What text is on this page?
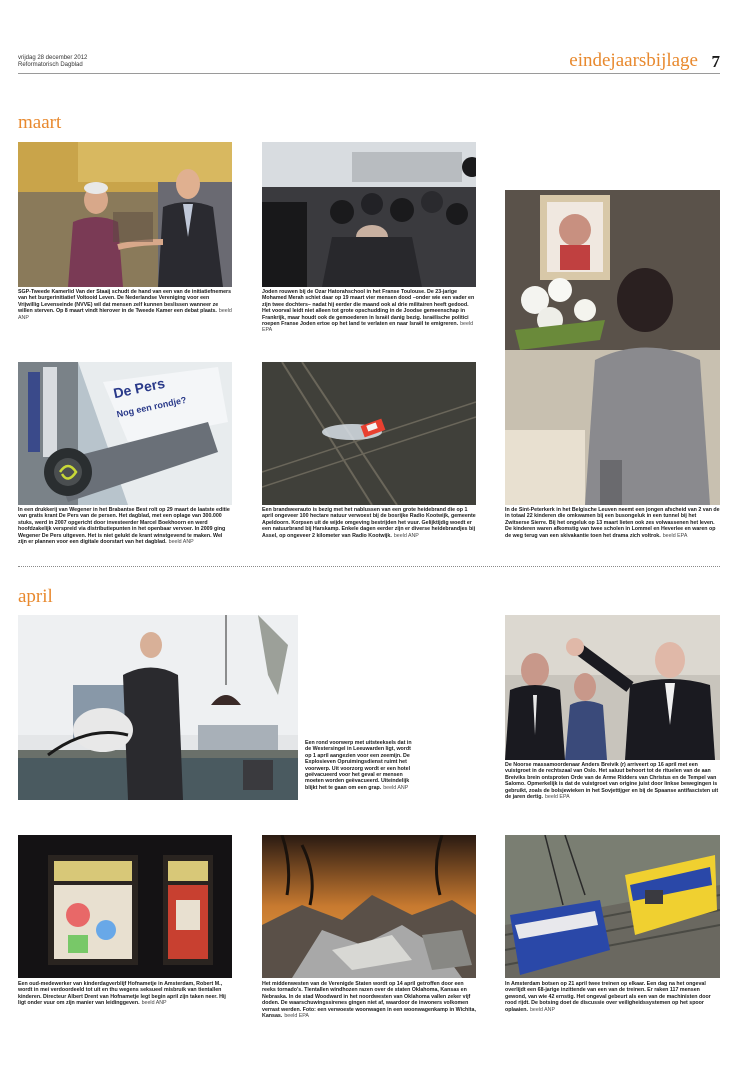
vrijdag 28 december 2012
Reformatorisch Dagblad	eindejaarsbijlage 7
maart
SGP-Tweede Kamerlid Van der Staaij schudt de hand van een van de initiatiefnemers van het burgerinitiatief Voltooid Leven. De Nederlandse Vereniging voor een Vrijwillig Levenseinde (NVVE) wil dat mensen zelf kunnen beslissen wanneer ze willen sterven. Op 8 maart vindt hierover in de Tweede Kamer een debat plaats. beeld ANP
Joden rouwen bij de Ozar Hatorahschool in het Franse Toulouse. De 23-jarige Mohamed Merah schiet daar op 19 maart vier mensen dood –onder wie een vader en zijn twee dochters– nadat hij eerder die maand ook al drie militairen heeft gedood. Het voorval leidt niet alleen tot grote opschudding in de Joodse gemeenschap in Frankrijk, maar houdt ook de gemoederen in Israël danig bezig. Israëlische politici roepen Franse Joden ertoe op het land te verlaten en naar Israël te emigreren. beeld EPA
In de Sint-Peterkerk in het Belgische Leuven neemt een jongen afscheid van 2 van de in totaal 22 kinderen die omkwamen bij een busongeluk in een tunnel bij het Zwitserse Sierre. Bij het ongeluk op 13 maart lieten ook zes volwassenen het leven. De kinderen waren afkomstig van twee scholen in Lommel en Heverlee en waren op de weg terug van een skivakantie toen het drama zich voltrok. beeld EPA
De Pers
Nog een rondje?
In een drukkerij van Wegener in het Brabantse Best rolt op 29 maart de laatste editie van gratis krant De Pers van de persen. Het dagblad, met een oplage van 300.000 stuks, werd in 2007 opgericht door investeerder Marcel Boekhoorn en werd hoofdzakelijk verspreid via distributiepunten in het openbaar vervoer. In 2009 ging Wegener De Pers uitgeven. Het is niet gelukt de krant winstgevend te maken. Wel zijn er plannen voor een digitale doorstart van het dagblad. beeld ANP
Een brandweerauto is bezig met het nablussen van een grote heidebrand die op 1 april ongeveer 100 hectare natuur verwoest bij de bosrijke Radio Kootwijk, gemeente Apeldoorn. Korpsen uit de wijde omgeving bestrijden het vuur. Gelijktijdig woedt er een natuurbrand bij Harskamp. Enkele dagen eerder zijn er diverse heidebrandjes bij Assel, op ongeveer 2 kilometer van Radio Kootwijk. beeld ANP
april
Een rond voorwerp met uitsteeksels dat in de Westersingel in Leeuwarden ligt, wordt op 1 april aangezien voor een zeemijn. De Explosieven Opruimingsdienst ruimt het voorwerp. Uit voorzorg wordt er een hotel geëvacueerd voor het geval er mensen moeten worden geëvacueerd. Uiteindelijk blijkt het te gaan om een grap. beeld ANP
De Noorse massamoordenaar Anders Breivik (r) arriveert op 16 april met een vuistgroet in de rechtszaal van Oslo. Het saluut behoort tot de rituelen van de aan Breiviks brein ontsproten Orde van de Arme Ridders van Christus en de Tempel van Salomo. Opmerkelijk is dat de vuistgroet van origine juist door linkse bewegingen is gebruikt, zoals de bolsjewieken in het Sovjettijger en bij de Spaanse antifascisten uit de jaren dertig. beeld EPA
Een oud-medewerker van kinderdagverblijf Hofnametje in Amsterdam, Robert M., wordt in mei verdoordeeld tot uit en thu wegens seksueel misbruik van tientallen kinderen. Directeur Albert Drent van Hofnametje legt begin april zijn taken neer. Hij ligt onder vuur om zijn manier van leidinggeven. beeld ANP
Het middenwesten van de Verenigde Staten wordt op 14 april getroffen door een reeks tornado's. Tientallen windhozen razen over de staten Oklahoma, Kansas en Nebraska. In de stad Woodward in het noordwesten van Oklahoma vallen zeker vijf doden. De waarschuwingssirenes gingen niet af, waardoor de inwoners volkomen verrast werden. Foto: een verwoeste woonwagen in een woonwagenkamp in Wichita, Kansas. beeld EPA
In Amsterdam botsen op 21 april twee treinen op elkaar. Een dag na het ongeval overlijdt een 68-jarige inzittende van een van de treinen. Er raken 117 mensen gewond, van wie 42 ernstig. Het ongeval gebeurt als een van de machinisten door rood rijdt. De botsing doet de discussie over veiligheidssystemen op het spoor oplaaien. beeld ANP
